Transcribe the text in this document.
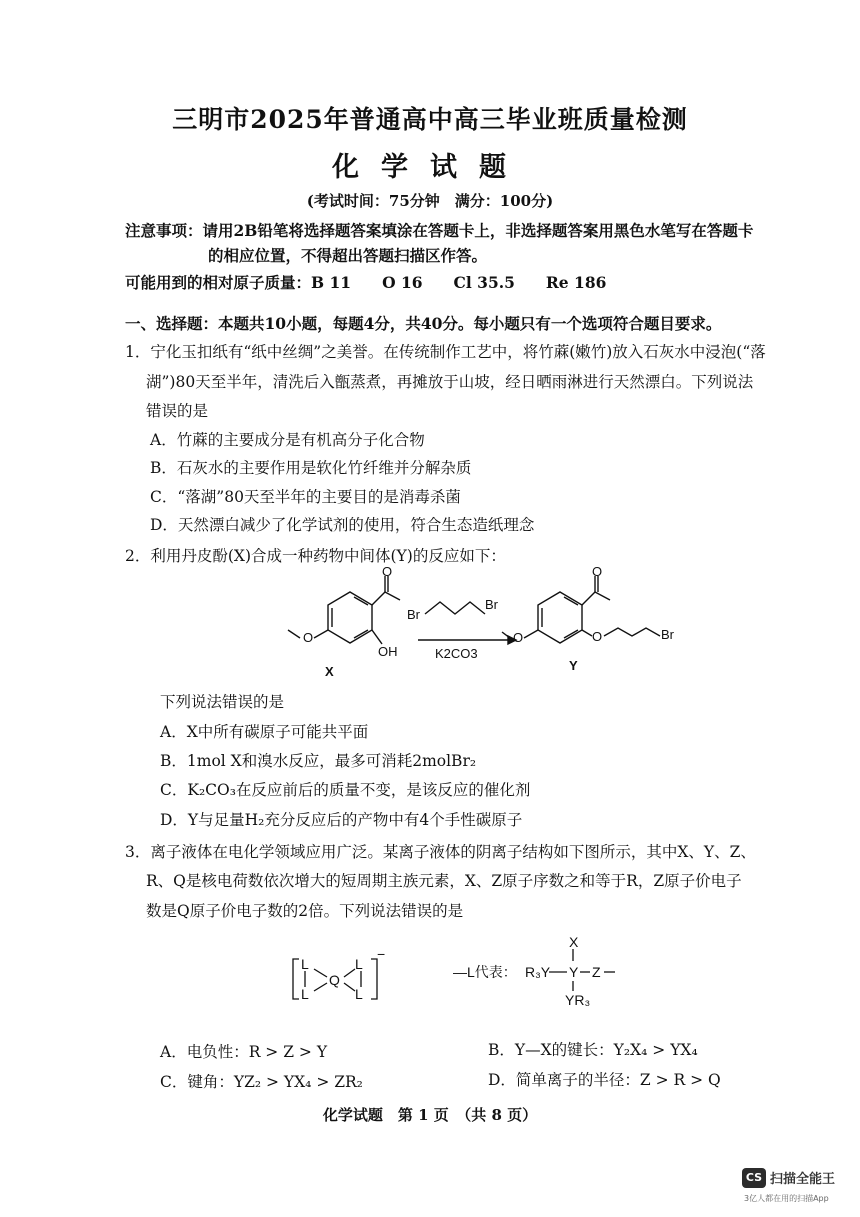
三明市2025年普通高中高三毕业班质量检测
化学试题
(考试时间：75分钟　满分：100分)
注意事项：请用2B铅笔将选择题答案填涂在答题卡上，非选择题答案用黑色水笔写在答题卡
的相应位置，不得超出答题扫描区作答。
可能用到的相对原子质量：B 11　　O 16　　Cl 35.5　　Re 186
一、选择题：本题共10小题，每题4分，共40分。每小题只有一个选项符合题目要求。
1．宁化玉扣纸有“纸中丝绸”之美誉。在传统制作工艺中，将竹蔴(嫩竹)放入石灰水中浸泡(“落
湖”)80天至半年，清洗后入甑蒸煮，再摊放于山坡，经日晒雨淋进行天然漂白。下列说法
错误的是
A．竹蔴的主要成分是有机高分子化合物
B．石灰水的主要作用是软化竹纤维并分解杂质
C．“落湖”80天至半年的主要目的是消毒杀菌
D．天然漂白减少了化学试剂的使用，符合生态造纸理念
2．利用丹皮酚(X)合成一种药物中间体(Y)的反应如下：
O
O
OH
X
Br
Br
K2CO3
O
O
O	Br
Y
下列说法错误的是
A．X中所有碳原子可能共平面
B．1mol X和溴水反应，最多可消耗2molBr₂
C．K₂CO₃在反应前后的质量不变，是该反应的催化剂
D．Y与足量H₂充分反应后的产物中有4个手性碳原子
3．离子液体在电化学领域应用广泛。某离子液体的阴离子结构如下图所示，其中X、Y、Z、
R、Q是核电荷数依次增大的短周期主族元素，X、Z原子序数之和等于R，Z原子价电子
数是Q原子价电子数的2倍。下列说法错误的是
L
L
Q
L
L
−
—L代表：
X
R₃Y Y Z
YR₃
A．电负性：R > Z > Y	B．Y—X的键长：Y₂X₄ > YX₄
C．键角：YZ₂ > YX₄ > ZR₂	D．简单离子的半径：Z > R > Q
化学试题　第 1 页　（共 8 页）
CS 扫描全能王
3亿人都在用的扫描App
